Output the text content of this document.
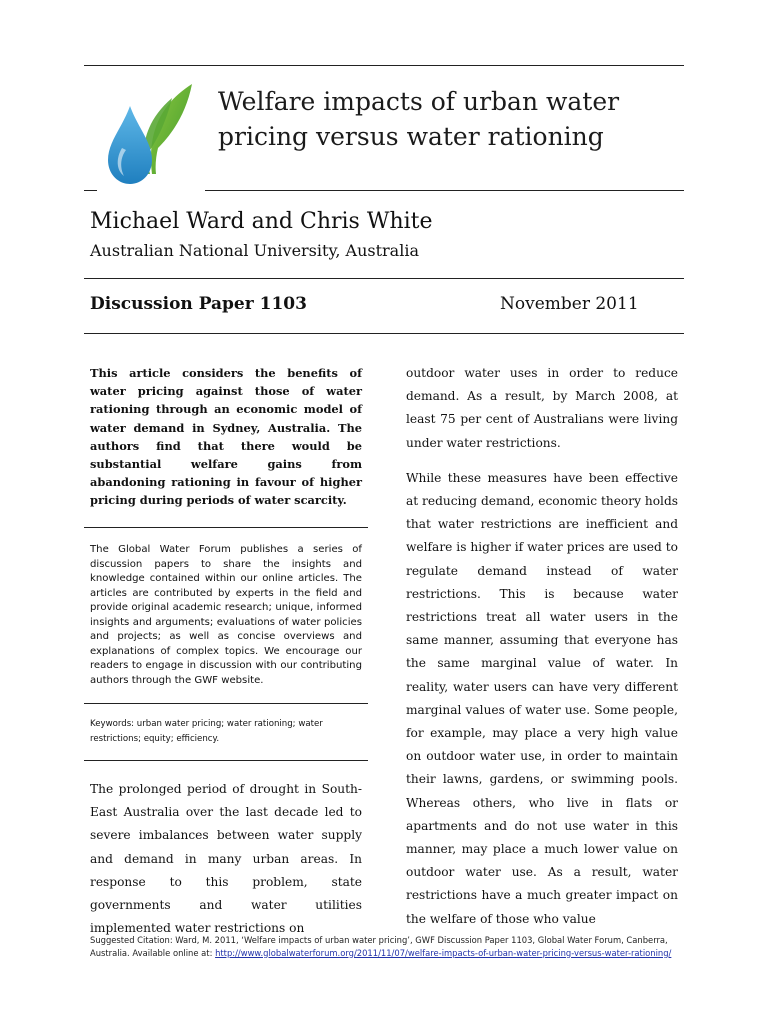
Welfare impacts of urban water pricing versus water rationing
Michael Ward and Chris White
Australian National University, Australia
Discussion Paper 1103	November 2011
This article considers the benefits of water pricing against those of water rationing through an economic model of water demand in Sydney, Australia. The authors find that there would be substantial welfare gains from abandoning rationing in favour of higher pricing during periods of water scarcity.
The Global Water Forum publishes a series of discussion papers to share the insights and knowledge contained within our online articles. The articles are contributed by experts in the field and provide original academic research; unique, informed insights and arguments; evaluations of water policies and projects; as well as concise overviews and explanations of complex topics. We encourage our readers to engage in discussion with our contributing authors through the GWF website.
Keywords: urban water pricing; water rationing; water restrictions; equity; efficiency.
The prolonged period of drought in South-East Australia over the last decade led to severe imbalances between water supply and demand in many urban areas. In response to this problem, state governments and water utilities implemented water restrictions on

outdoor water uses in order to reduce demand. As a result, by March 2008, at least 75 per cent of Australians were living under water restrictions.

While these measures have been effective at reducing demand, economic theory holds that water restrictions are inefficient and welfare is higher if water prices are used to regulate demand instead of water restrictions. This is because water restrictions treat all water users in the same manner, assuming that everyone has the same marginal value of water. In reality, water users can have very different marginal values of water use. Some people, for example, may place a very high value on outdoor water use, in order to maintain their lawns, gardens, or swimming pools. Whereas others, who live in flats or apartments and do not use water in this manner, may place a much lower value on outdoor water use. As a result, water restrictions have a much greater impact on the welfare of those who value

Suggested Citation: Ward, M. 2011, ‘Welfare impacts of urban water pricing’, GWF Discussion Paper 1103, Global Water Forum, Canberra, Australia. Available online at: http://www.globalwaterforum.org/2011/11/07/welfare-impacts-of-urban-water-pricing-versus-water-rationing/
